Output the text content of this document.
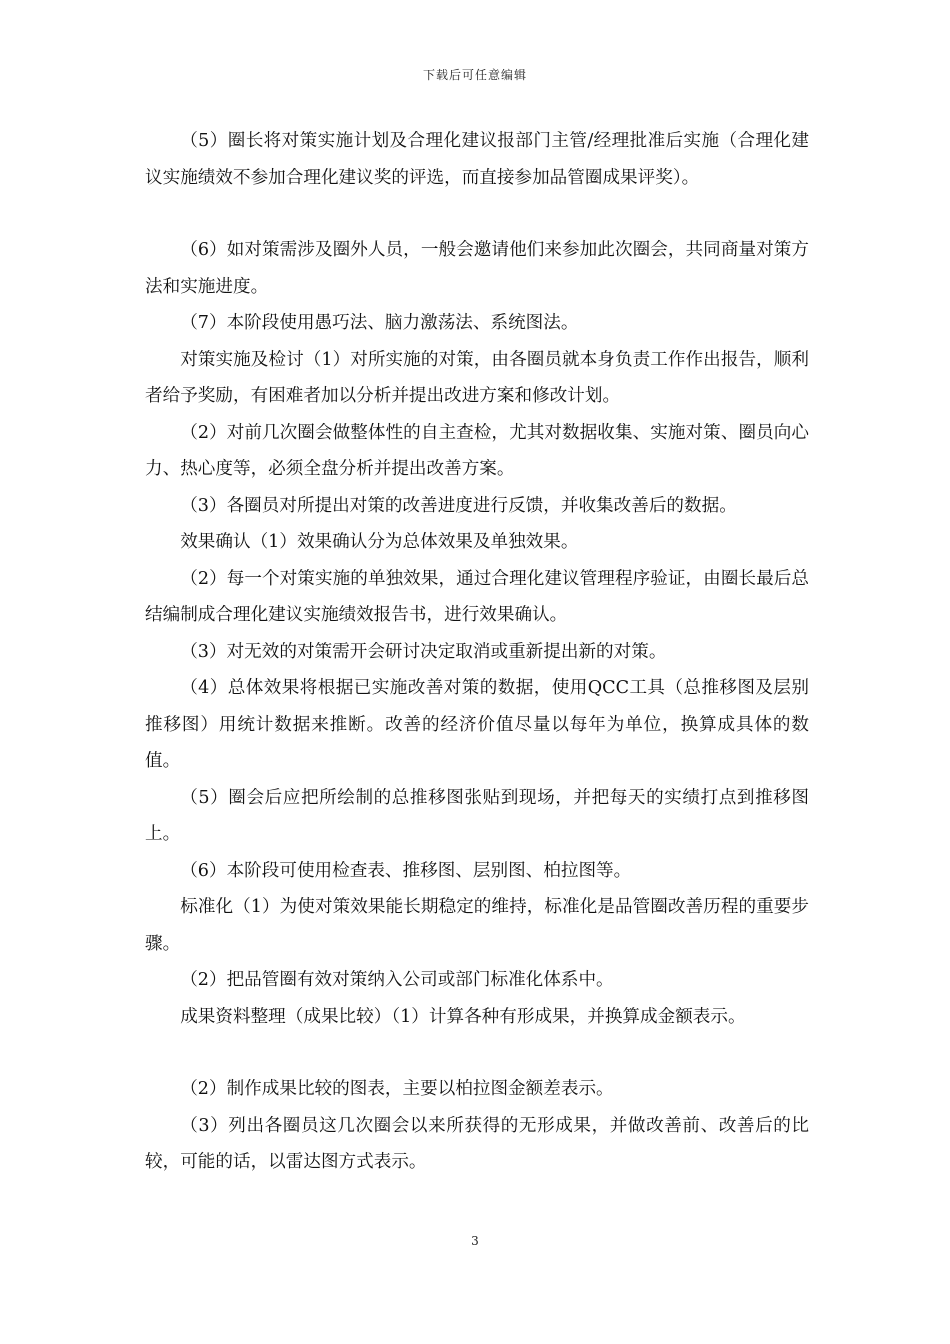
下载后可任意编辑

（5）圈长将对策实施计划及合理化建议报部门主管/经理批准后实施（合理化建议实施绩效不参加合理化建议奖的评选，而直接参加品管圈成果评奖）。

（6）如对策需涉及圈外人员，一般会邀请他们来参加此次圈会，共同商量对策方法和实施进度。

（7）本阶段使用愚巧法、脑力激荡法、系统图法。

对策实施及检讨（1）对所实施的对策，由各圈员就本身负责工作作出报告，顺利者给予奖励，有困难者加以分析并提出改进方案和修改计划。

（2）对前几次圈会做整体性的自主查检，尤其对数据收集、实施对策、圈员向心力、热心度等，必须全盘分析并提出改善方案。

（3）各圈员对所提出对策的改善进度进行反馈，并收集改善后的数据。

效果确认（1）效果确认分为总体效果及单独效果。

（2）每一个对策实施的单独效果，通过合理化建议管理程序验证，由圈长最后总结编制成合理化建议实施绩效报告书，进行效果确认。

（3）对无效的对策需开会研讨决定取消或重新提出新的对策。

（4）总体效果将根据已实施改善对策的数据，使用QCC工具（总推移图及层别推移图）用统计数据来推断。改善的经济价值尽量以每年为单位，换算成具体的数值。

（5）圈会后应把所绘制的总推移图张贴到现场，并把每天的实绩打点到推移图上。

（6）本阶段可使用检查表、推移图、层别图、柏拉图等。

标准化（1）为使对策效果能长期稳定的维持，标准化是品管圈改善历程的重要步骤。

（2）把品管圈有效对策纳入公司或部门标准化体系中。

成果资料整理（成果比较）（1）计算各种有形成果，并换算成金额表示。

（2）制作成果比较的图表，主要以柏拉图金额差表示。

（3）列出各圈员这几次圈会以来所获得的无形成果，并做改善前、改善后的比较，可能的话，以雷达图方式表示。

3
